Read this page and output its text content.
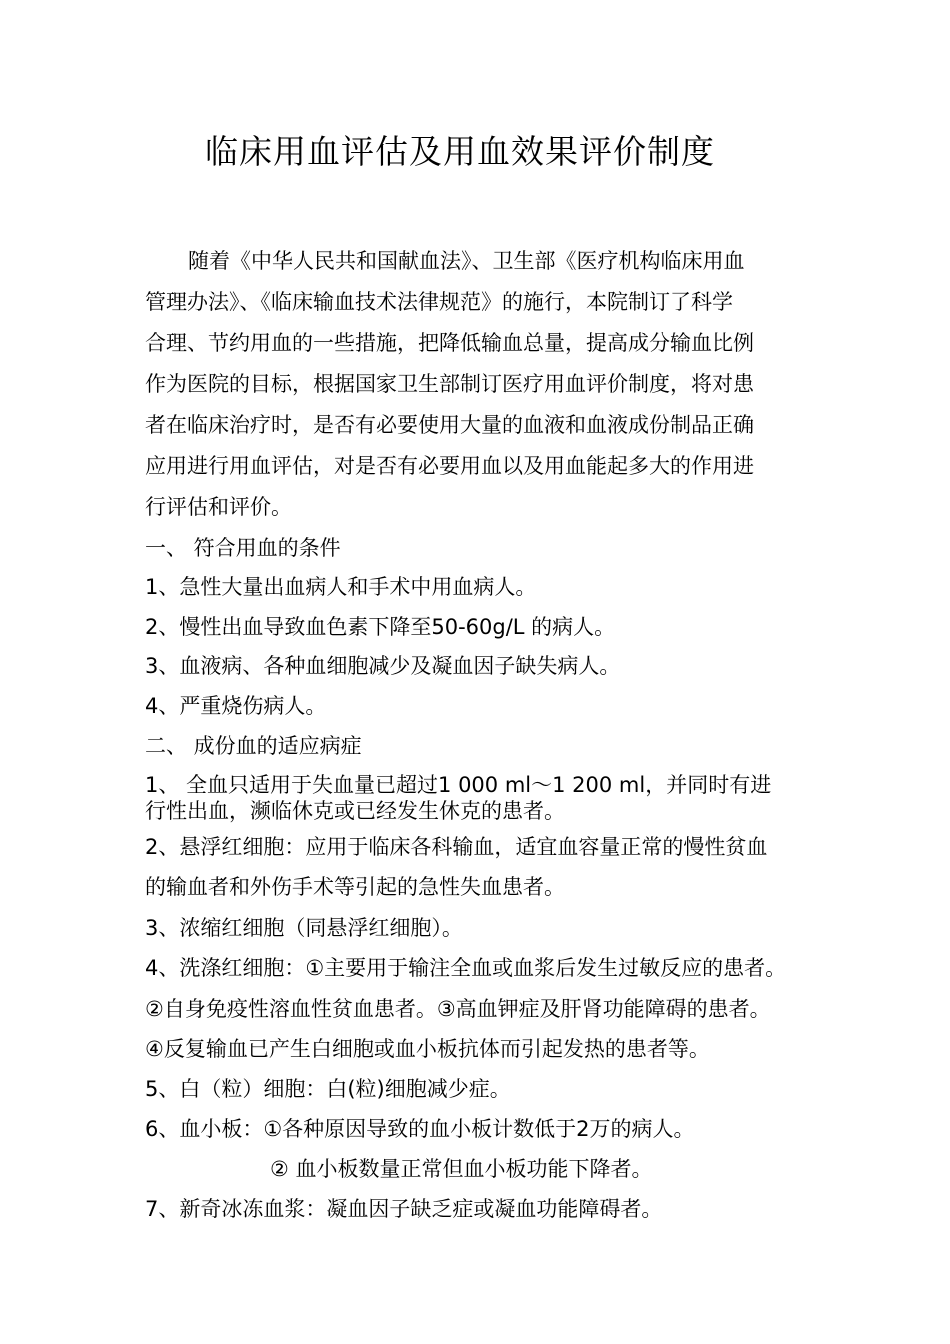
临床用血评估及用血效果评价制度
随着《中华人民共和国献血法》、卫生部《医疗机构临床用血
管理办法》、《临床输血技术法律规范》的施行，本院制订了科学
合理、节约用血的一些措施，把降低输血总量，提高成分输血比例
作为医院的目标，根据国家卫生部制订医疗用血评价制度，将对患
者在临床治疗时，是否有必要使用大量的血液和血液成份制品正确
应用进行用血评估，对是否有必要用血以及用血能起多大的作用进
行评估和评价。
一、 符合用血的条件
1、急性大量出血病人和手术中用血病人。
2、慢性出血导致血色素下降至50-60g/L 的病人。
3、血液病、各种血细胞减少及凝血因子缺失病人。
4、严重烧伤病人。
二、 成份血的适应病症
1、 全血只适用于失血量已超过1 000 ml～1 200 ml，并同时有进
行性出血，濒临休克或已经发生休克的患者。
2、悬浮红细胞：应用于临床各科输血，适宜血容量正常的慢性贫血
的输血者和外伤手术等引起的急性失血患者。
3、浓缩红细胞（同悬浮红细胞）。
4、洗涤红细胞：①主要用于输注全血或血浆后发生过敏反应的患者。
②自身免疫性溶血性贫血患者。③高血钾症及肝肾功能障碍的患者。
④反复输血已产生白细胞或血小板抗体而引起发热的患者等。
5、白（粒）细胞：白(粒)细胞减少症。
6、血小板：①各种原因导致的血小板计数低于2万的病人。
② 血小板数量正常但血小板功能下降者。
7、新奇冰冻血浆：凝血因子缺乏症或凝血功能障碍者。
